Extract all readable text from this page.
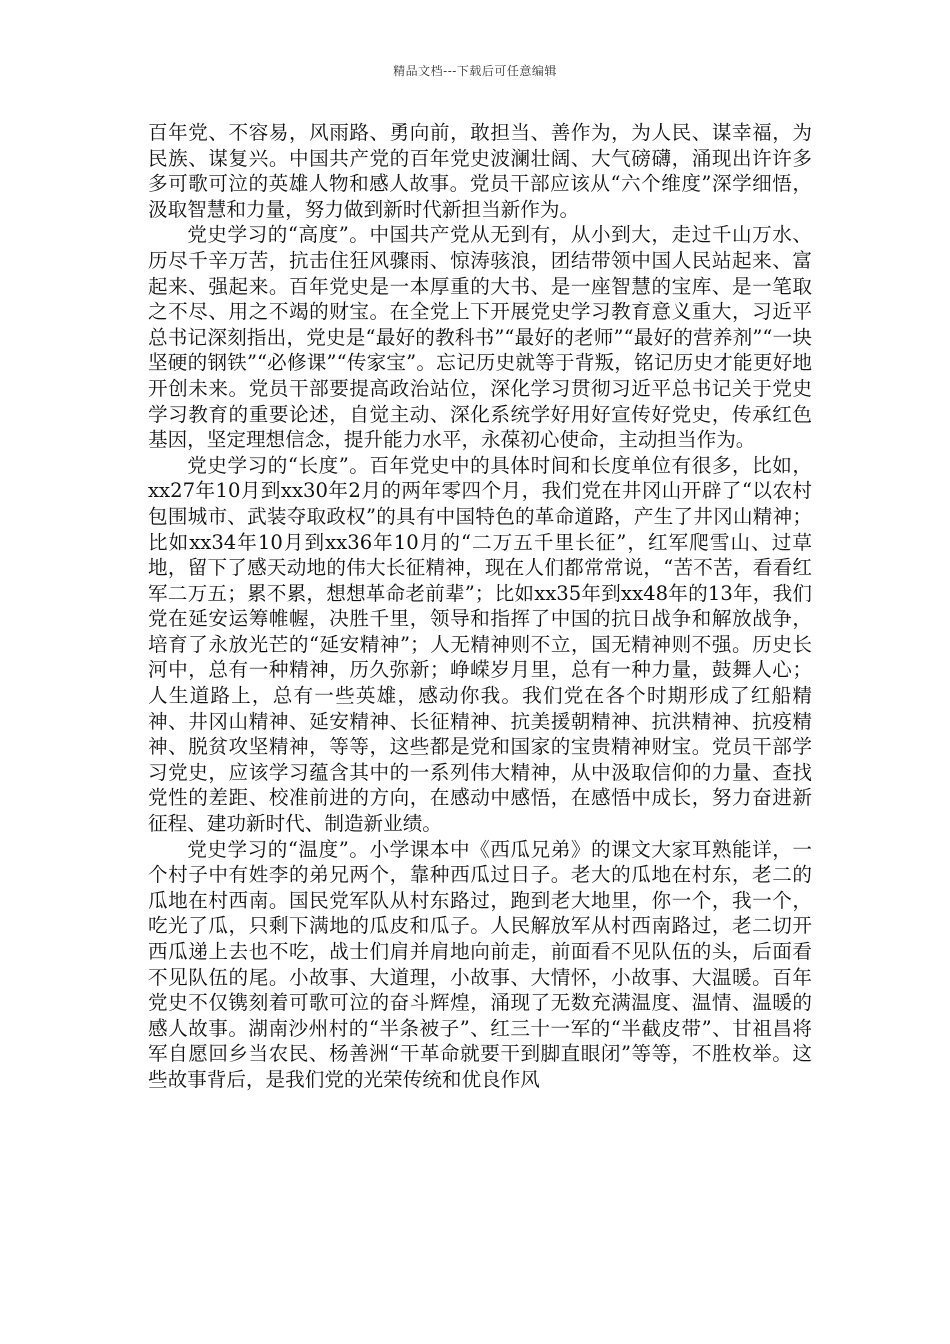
精品文档---下载后可任意编辑

百年党、不容易，风雨路、勇向前，敢担当、善作为，为人民、谋幸福，为民族、谋复兴。中国共产党的百年党史波澜壮阔、大气磅礴，涌现出许许多多可歌可泣的英雄人物和感人故事。党员干部应该从“六个维度”深学细悟，汲取智慧和力量，努力做到新时代新担当新作为。

党史学习的“高度”。中国共产党从无到有，从小到大，走过千山万水、历尽千辛万苦，抗击住狂风骤雨、惊涛骇浪，团结带领中国人民站起来、富起来、强起来。百年党史是一本厚重的大书、是一座智慧的宝库、是一笔取之不尽、用之不竭的财宝。在全党上下开展党史学习教育意义重大，习近平总书记深刻指出，党史是“最好的教科书”“最好的老师”“最好的营养剂”“一块坚硬的钢铁”“必修课”“传家宝”。忘记历史就等于背叛，铭记历史才能更好地开创未来。党员干部要提高政治站位，深化学习贯彻习近平总书记关于党史学习教育的重要论述，自觉主动、深化系统学好用好宣传好党史，传承红色基因，坚定理想信念，提升能力水平，永葆初心使命，主动担当作为。

党史学习的“长度”。百年党史中的具体时间和长度单位有很多，比如，xx27年10月到xx30年2月的两年零四个月，我们党在井冈山开辟了“以农村包围城市、武装夺取政权”的具有中国特色的革命道路，产生了井冈山精神；比如xx34年10月到xx36年10月的“二万五千里长征”，红军爬雪山、过草地，留下了感天动地的伟大长征精神，现在人们都常常说，“苦不苦，看看红军二万五；累不累，想想革命老前辈”；比如xx35年到xx48年的13年，我们党在延安运筹帷幄，决胜千里，领导和指挥了中国的抗日战争和解放战争，培育了永放光芒的“延安精神”；人无精神则不立，国无精神则不强。历史长河中，总有一种精神，历久弥新；峥嵘岁月里，总有一种力量，鼓舞人心；人生道路上，总有一些英雄，感动你我。我们党在各个时期形成了红船精神、井冈山精神、延安精神、长征精神、抗美援朝精神、抗洪精神、抗疫精神、脱贫攻坚精神，等等，这些都是党和国家的宝贵精神财宝。党员干部学习党史，应该学习蕴含其中的一系列伟大精神，从中汲取信仰的力量、查找党性的差距、校准前进的方向，在感动中感悟，在感悟中成长，努力奋进新征程、建功新时代、制造新业绩。

党史学习的“温度”。小学课本中《西瓜兄弟》的课文大家耳熟能详，一个村子中有姓李的弟兄两个，靠种西瓜过日子。老大的瓜地在村东，老二的瓜地在村西南。国民党军队从村东路过，跑到老大地里，你一个，我一个，吃光了瓜，只剩下满地的瓜皮和瓜子。人民解放军从村西南路过，老二切开西瓜递上去也不吃，战士们肩并肩地向前走，前面看不见队伍的头，后面看不见队伍的尾。小故事、大道理，小故事、大情怀，小故事、大温暖。百年党史不仅镌刻着可歌可泣的奋斗辉煌，涌现了无数充满温度、温情、温暖的感人故事。湖南沙州村的“半条被子”、红三十一军的“半截皮带”、甘祖昌将军自愿回乡当农民、杨善洲“干革命就要干到脚直眼闭”等等，不胜枚举。这些故事背后，是我们党的光荣传统和优良作风
